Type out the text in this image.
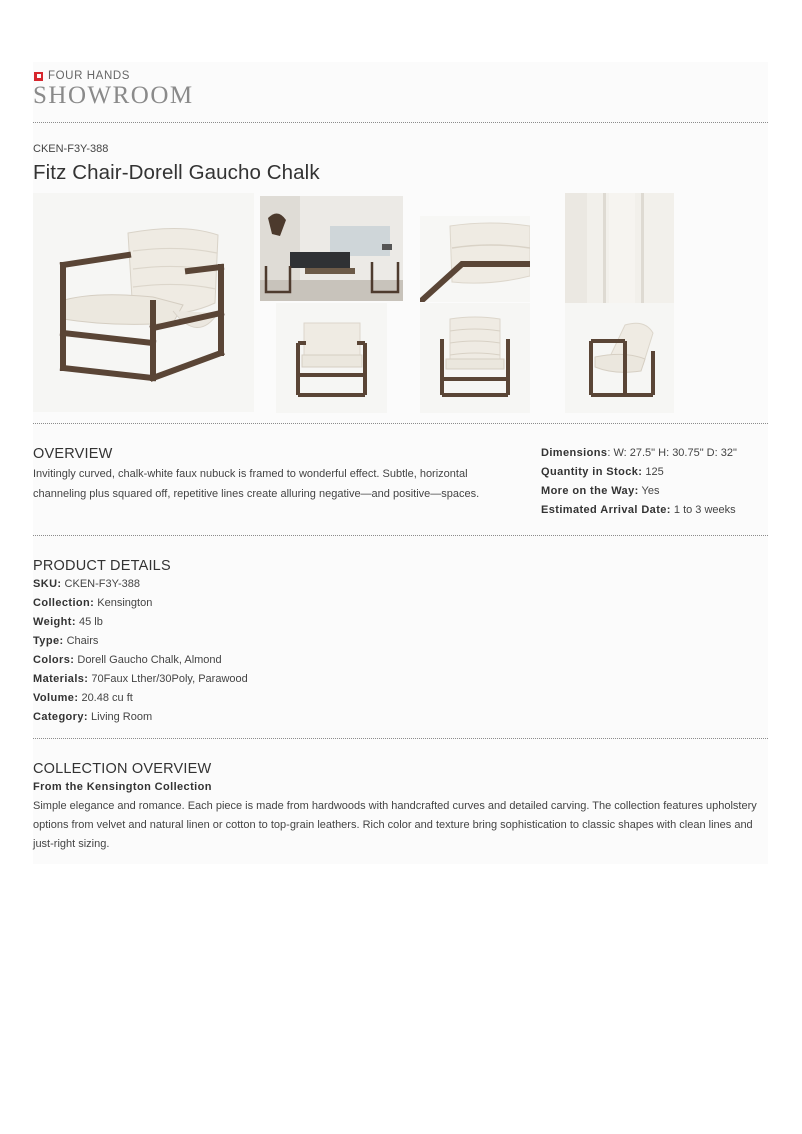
FOUR HANDS
SHOWROOM
CKEN-F3Y-388
Fitz Chair-Dorell Gaucho Chalk
OVERVIEW
Invitingly curved, chalk-white faux nubuck is framed to wonderful effect. Subtle, horizontal channeling plus squared off, repetitive lines create alluring negative—and positive—spaces.
Dimensions: W: 27.5" H: 30.75" D: 32"
Quantity in Stock: 125
More on the Way: Yes
Estimated Arrival Date: 1 to 3 weeks
PRODUCT DETAILS
SKU: CKEN-F3Y-388
Collection: Kensington
Weight: 45 lb
Type: Chairs
Colors: Dorell Gaucho Chalk, Almond
Materials: 70Faux Lther/30Poly, Parawood
Volume: 20.48 cu ft
Category: Living Room
COLLECTION OVERVIEW
From the Kensington Collection
Simple elegance and romance. Each piece is made from hardwoods with handcrafted curves and detailed carving. The collection features upholstery options from velvet and natural linen or cotton to top-grain leathers. Rich color and texture bring sophistication to classic shapes with clean lines and just-right sizing.
